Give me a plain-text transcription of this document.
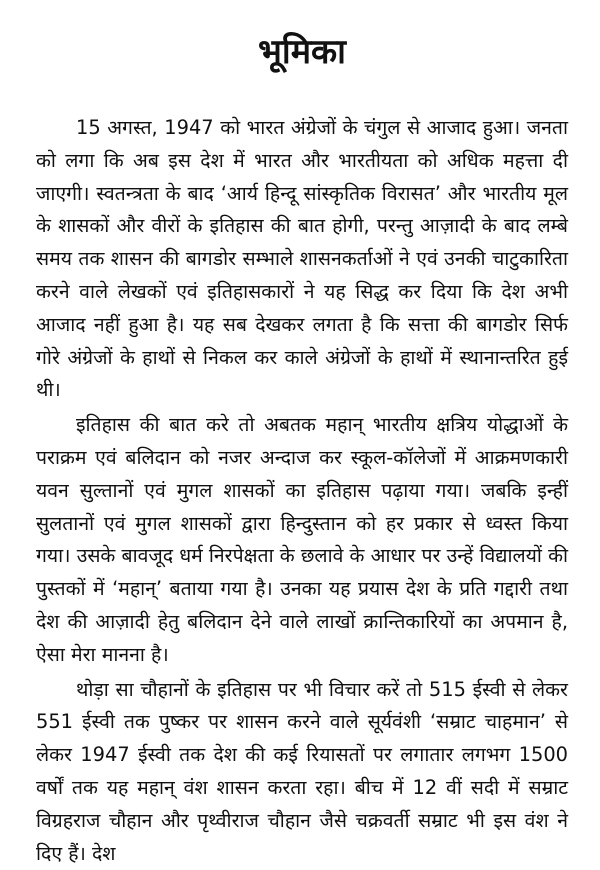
भूमिका

15 अगस्त, 1947 को भारत अंग्रेजों के चंगुल से आजाद हुआ। जनता को लगा कि अब इस देश में भारत और भारतीयता को अधिक महत्ता दी जाएगी। स्वतन्त्रता के बाद ‘आर्य हिन्दू सांस्कृतिक विरासत’ और भारतीय मूल के शासकों और वीरों के इतिहास की बात होगी, परन्तु आज़ादी के बाद लम्बे समय तक शासन की बागडोर सम्भाले शासनकर्ताओं ने एवं उनकी चाटुकारिता करने वाले लेखकों एवं इतिहासकारों ने यह सिद्ध कर दिया कि देश अभी आजाद नहीं हुआ है। यह सब देखकर लगता है कि सत्ता की बागडोर सिर्फ गोरे अंग्रेजों के हाथों से निकल कर काले अंग्रेजों के हाथों में स्थानान्तरित हुई थी।

इतिहास की बात करे तो अबतक महान् भारतीय क्षत्रिय योद्धाओं के पराक्रम एवं बलिदान को नजर अन्दाज कर स्कूल-कॉलेजों में आक्रमणकारी यवन सुल्तानों एवं मुगल शासकों का इतिहास पढ़ाया गया। जबकि इन्हीं सुलतानों एवं मुगल शासकों द्वारा हिन्दुस्तान को हर प्रकार से ध्वस्त किया गया। उसके बावजूद धर्म निरपेक्षता के छलावे के आधार पर उन्हें विद्यालयों की पुस्तकों में ‘महान्’ बताया गया है। उनका यह प्रयास देश के प्रति गद्दारी तथा देश की आज़ादी हेतु बलिदान देने वाले लाखों क्रान्तिकारियों का अपमान है, ऐसा मेरा मानना है।

थोड़ा सा चौहानों के इतिहास पर भी विचार करें तो 515 ईस्वी से लेकर 551 ईस्वी तक पुष्कर पर शासन करने वाले सूर्यवंशी ‘सम्राट चाहमान’ से लेकर 1947 ईस्वी तक देश की कई रियासतों पर लगातार लगभग 1500 वर्षों तक यह महान् वंश शासन करता रहा। बीच में 12 वीं सदी में सम्राट विग्रहराज चौहान और पृथ्वीराज चौहान जैसे चक्रवर्ती सम्राट भी इस वंश ने दिए हैं। देश
